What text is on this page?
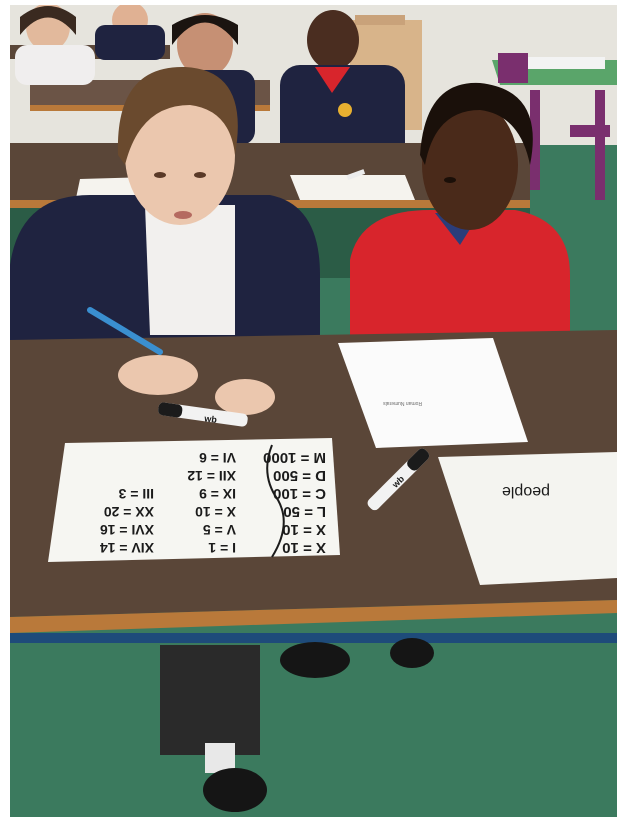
Roman Numerals
wb
wb
X = 10
X = 10
L = 50
C = 100
D = 500
M = 1000
I = 1
V = 5
X = 10
IX = 9
XII = 12
VI = 6
XIV = 14
XVI = 16
XX = 20
III = 3	people
